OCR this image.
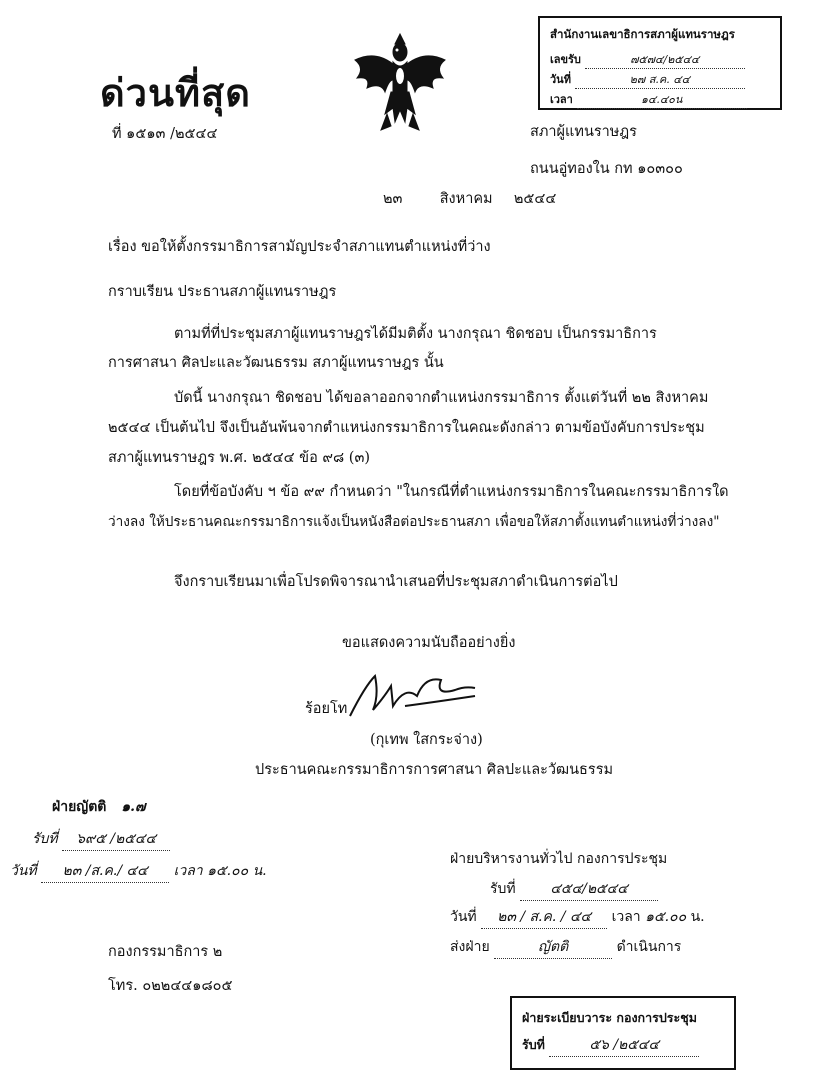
ด่วนที่สุด
ที่ ๑๕๑๓ /๒๕๔๔
สำนักงานเลขาธิการสภาผู้แทนราษฎร
เลขรับ	๗๕๗๔/๒๕๔๔
วันที่	๒๗ ส.ค. ๔๔
เวลา	๑๔.๔๐น
สภาผู้แทนราษฎร
ถนนอู่ทองใน กท ๑๐๓๐๐
๒๓	สิงหาคม ๒๕๔๔
เรื่อง ขอให้ตั้งกรรมาธิการสามัญประจำสภาแทนตำแหน่งที่ว่าง
กราบเรียน ประธานสภาผู้แทนราษฎร
ตามที่ที่ประชุมสภาผู้แทนราษฎรได้มีมติตั้ง นางกรุณา ชิดชอบ เป็นกรรมาธิการ
การศาสนา ศิลปะและวัฒนธรรม สภาผู้แทนราษฎร นั้น
บัดนี้ นางกรุณา ชิดชอบ ได้ขอลาออกจากตำแหน่งกรรมาธิการ ตั้งแต่วันที่ ๒๒ สิงหาคม
๒๕๔๔ เป็นต้นไป จึงเป็นอันพ้นจากตำแหน่งกรรมาธิการในคณะดังกล่าว ตามข้อบังคับการประชุม
สภาผู้แทนราษฎร พ.ศ. ๒๕๔๔ ข้อ ๙๘ (๓)
โดยที่ข้อบังคับ ฯ ข้อ ๙๙ กำหนดว่า "ในกรณีที่ตำแหน่งกรรมาธิการในคณะกรรมาธิการใด
ว่างลง ให้ประธานคณะกรรมาธิการแจ้งเป็นหนังสือต่อประธานสภา เพื่อขอให้สภาตั้งแทนตำแหน่งที่ว่างลง"
จึงกราบเรียนมาเพื่อโปรดพิจารณานำเสนอที่ประชุมสภาดำเนินการต่อไป
ขอแสดงความนับถืออย่างยิ่ง
ร้อยโท
(กุเทพ ใสกระจ่าง)
ประธานคณะกรรมาธิการการศาสนา ศิลปะและวัฒนธรรม
ฝ่ายญัตติ ๑.๗
รับที่ ๖๙๕ /๒๕๔๔
วันที่ ๒๓ /ส.ค./ ๔๔ เวลา ๑๕.๐๐ น.
ฝ่ายบริหารงานทั่วไป กองการประชุม
รับที่ ๔๕๔/๒๕๔๔
วันที่ ๒๓ / ส.ค. / ๔๔ เวลา ๑๕.๐๐ น.
ส่งฝ่าย	ญัตติ	ดำเนินการ
กองกรรมาธิการ ๒
โทร. ๐๒๒๔๔๑๘๐๕
ฝ่ายระเบียบวาระ กองการประชุม
รับที่	๕๖ /๒๕๔๔
